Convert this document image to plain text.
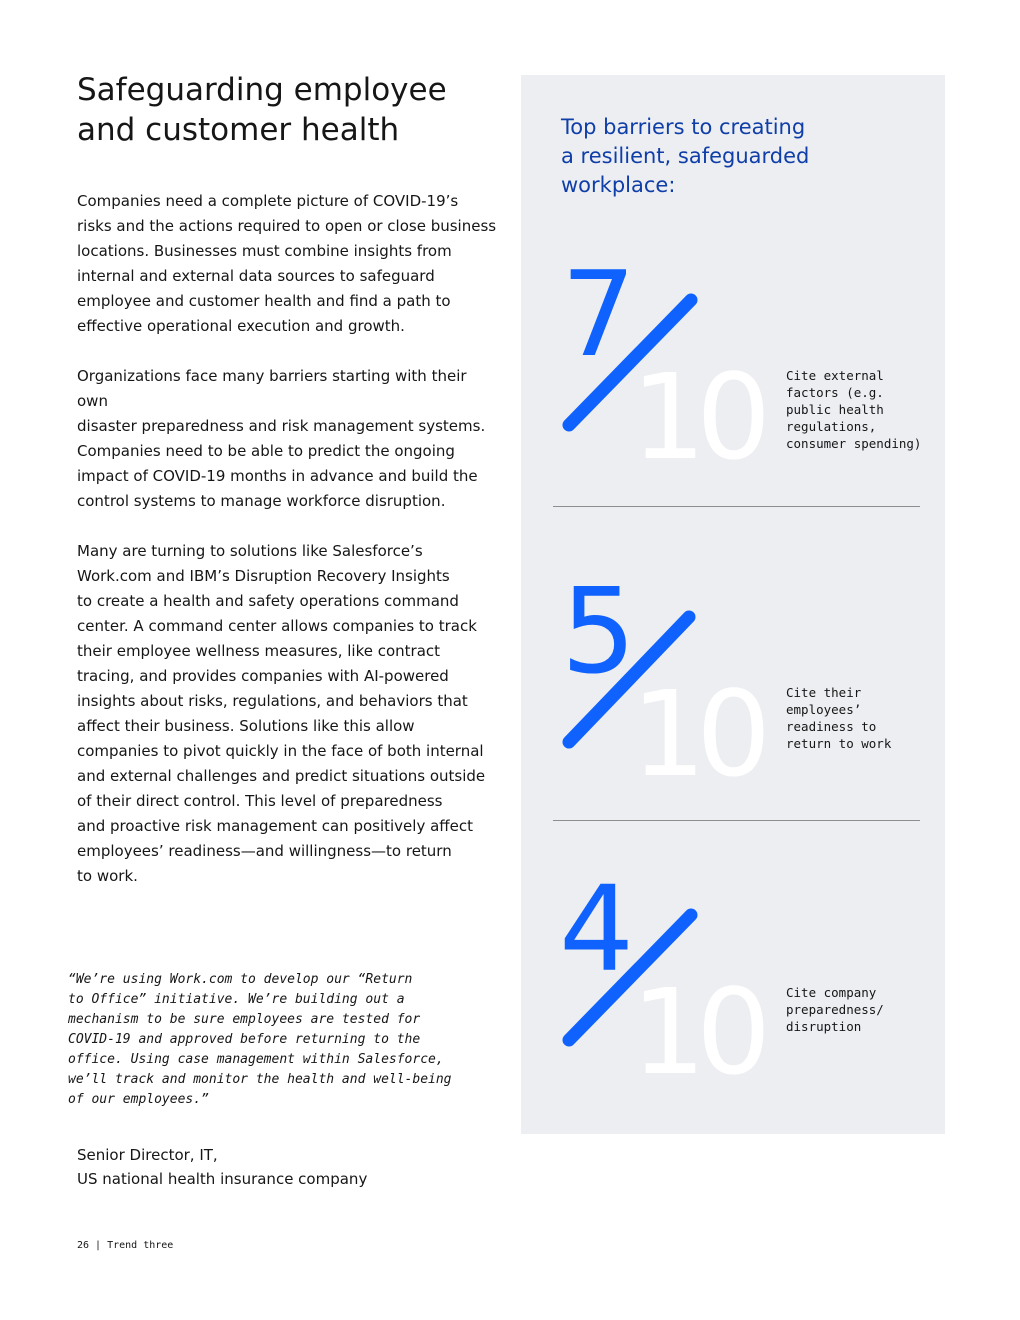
Safeguarding employee and customer health

Companies need a complete picture of COVID-19’s
risks and the actions required to open or close business
locations. Businesses must combine insights from
internal and external data sources to safeguard
employee and customer health and find a path to
effective operational execution and growth.

Organizations face many barriers starting with their own
disaster preparedness and risk management systems.
Companies need to be able to predict the ongoing
impact of COVID-19 months in advance and build the
control systems to manage workforce disruption.

Many are turning to solutions like Salesforce’s
Work.com and IBM’s Disruption Recovery Insights
to create a health and safety operations command
center. A command center allows companies to track
their employee wellness measures, like contract
tracing, and provides companies with AI-powered
insights about risks, regulations, and behaviors that
affect their business. Solutions like this allow
companies to pivot quickly in the face of both internal
and external challenges and predict situations outside
of their direct control. This level of preparedness
and proactive risk management can positively affect
employees’ readiness—and willingness—to return
to work.

“We’re using Work.com to develop our “Return
to Office” initiative. We’re building out a
mechanism to be sure employees are tested for
COVID-19 and approved before returning to the
office. Using case management within Salesforce,
we’ll track and monitor the health and well-being
of our employees.”

Senior Director, IT,
US national health insurance company

26 | Trend three
Top barriers to creating
a resilient, safeguarded
workplace:
7
10 Cite external
factors (e.g.
public health
regulations,
consumer spending)

5
10 Cite their
employees’
readiness to
return to work

4
10 Cite company
preparedness/
disruption
